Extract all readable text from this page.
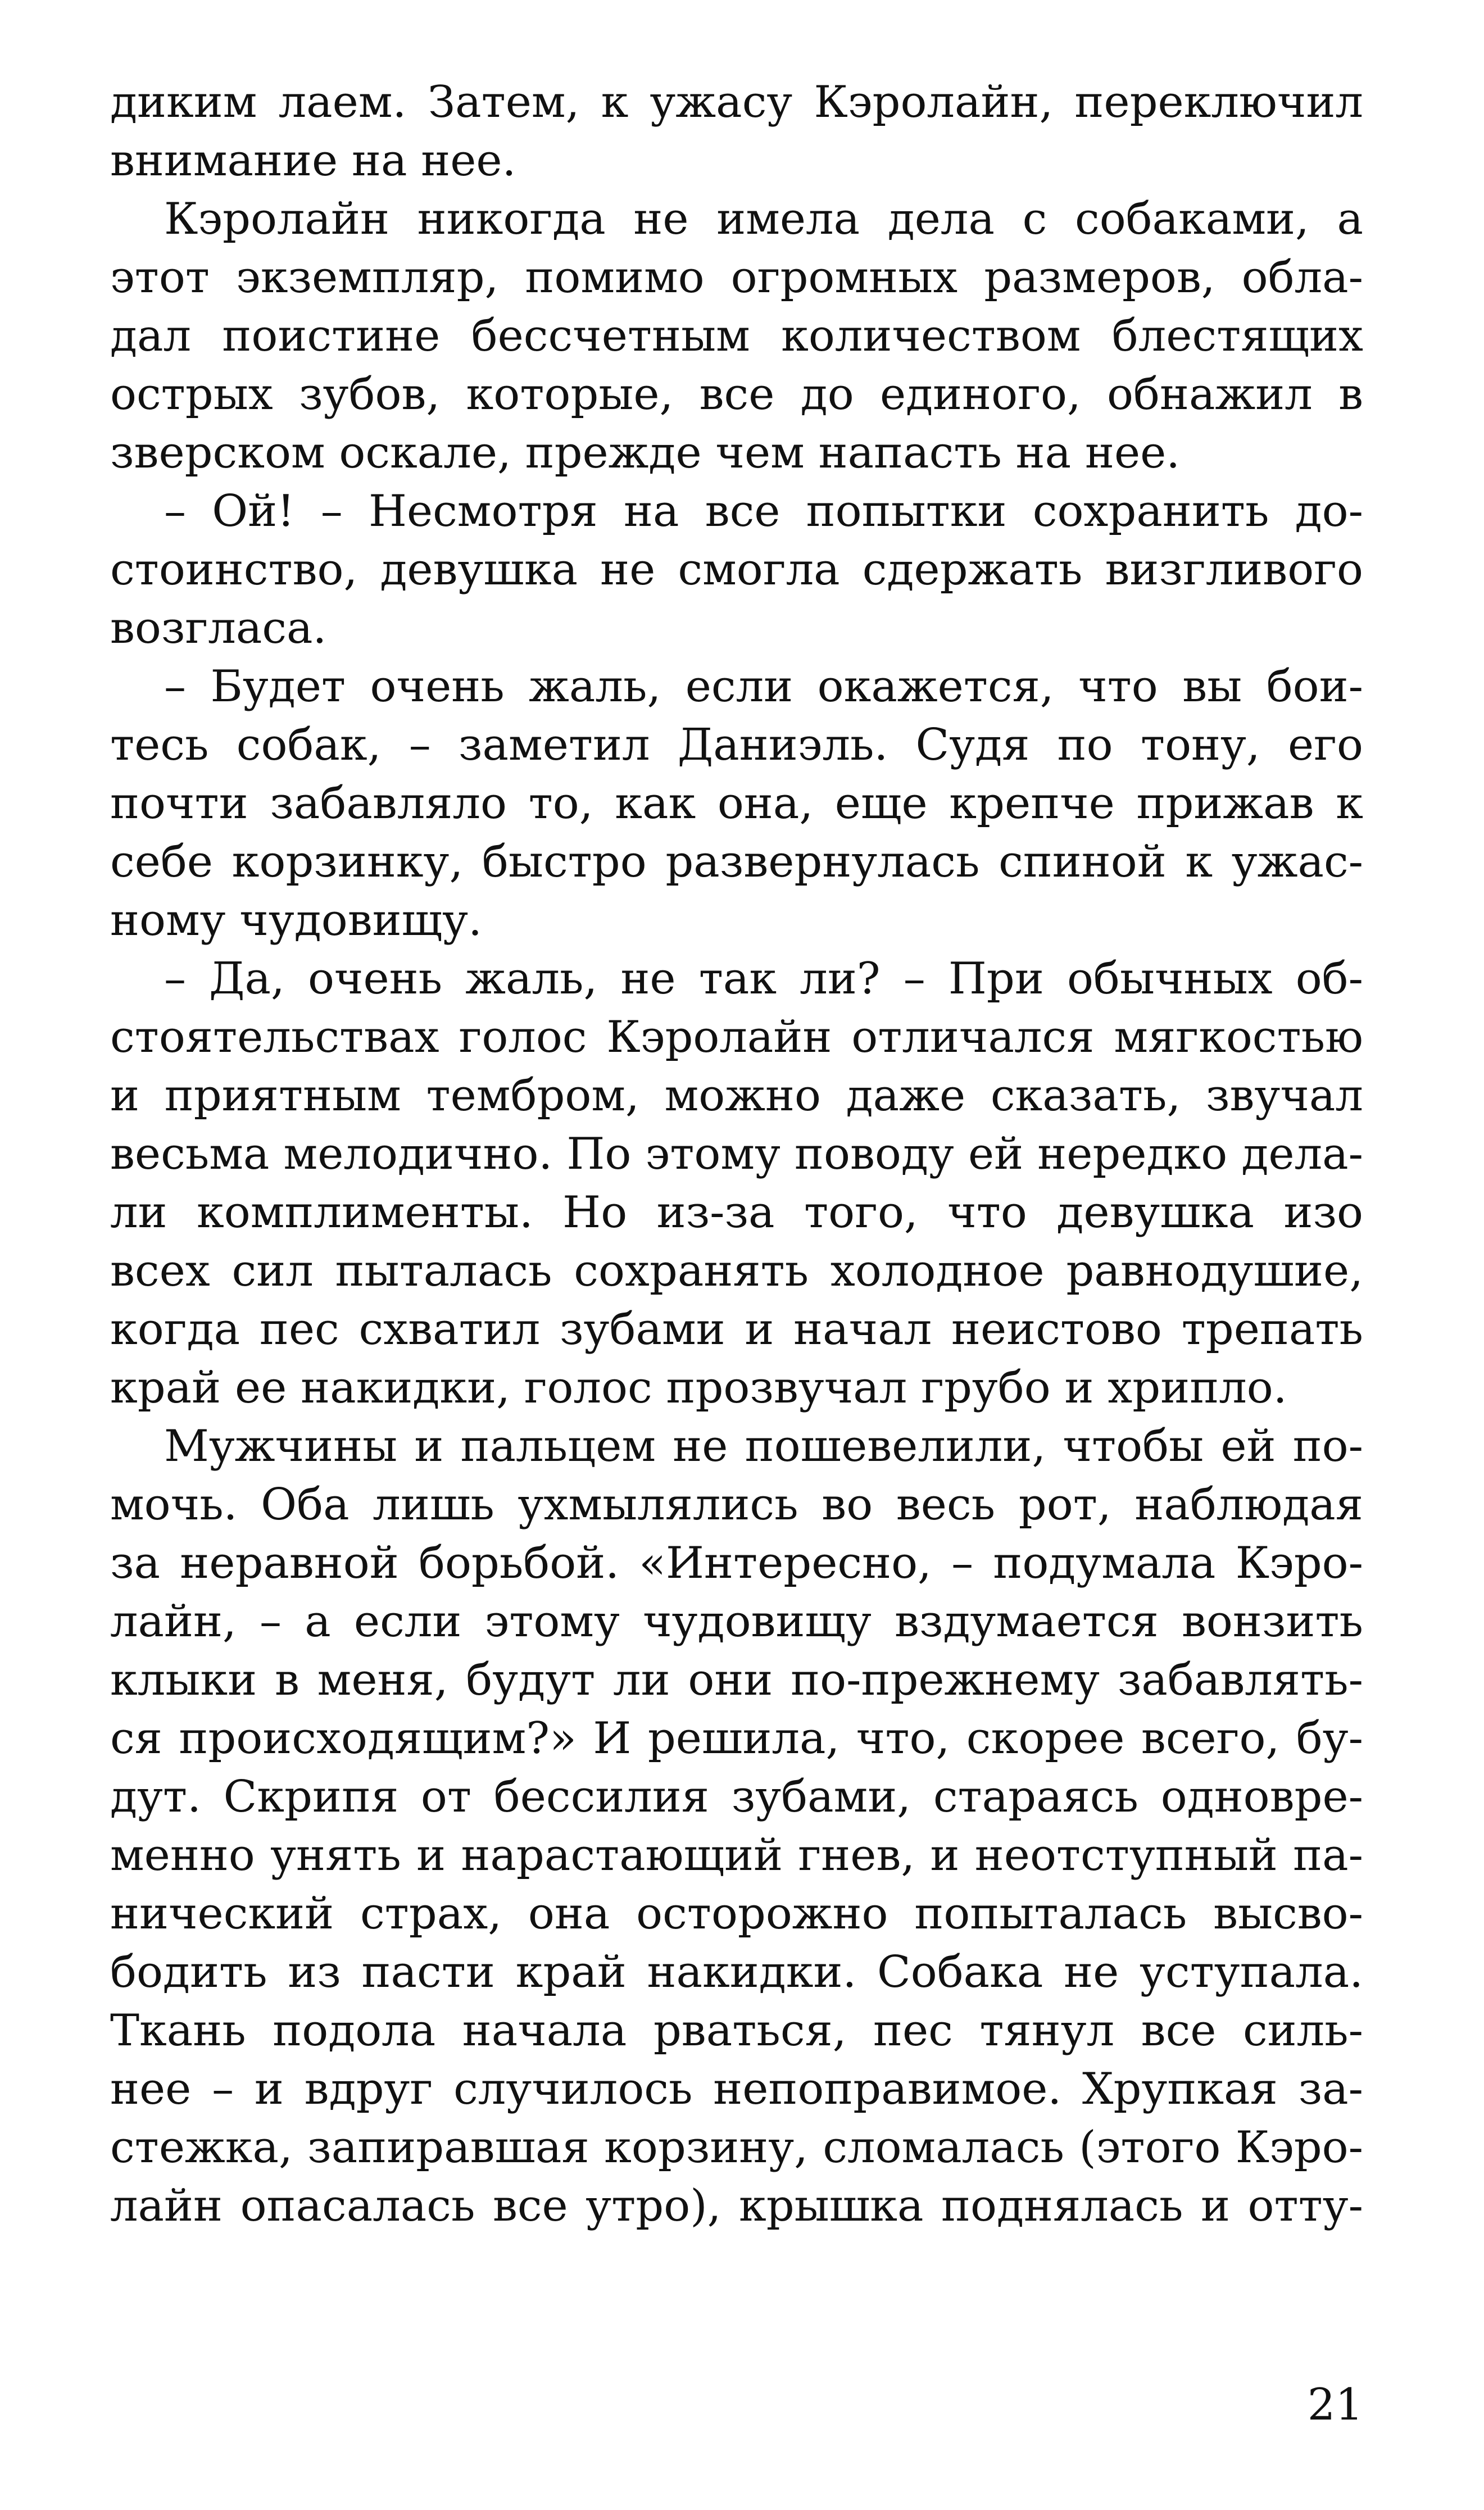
диким лаем. Затем, к ужасу Кэролайн, переключил
внимание на нее.
Кэролайн никогда не имела дела с собаками, а
этот экземпляр, помимо огромных размеров, обла-
дал поистине бессчетным количеством блестящих
острых зубов, которые, все до единого, обнажил в
зверском оскале, прежде чем напасть на нее.
– Ой! – Несмотря на все попытки сохранить до-
стоинство, девушка не смогла сдержать визгливого
возгласа.
– Будет очень жаль, если окажется, что вы бои-
тесь собак, – заметил Даниэль. Судя по тону, его
почти забавляло то, как она, еще крепче прижав к
себе корзинку, быстро развернулась спиной к ужас-
ному чудовищу.
– Да, очень жаль, не так ли? – При обычных об-
стоятельствах голос Кэролайн отличался мягкостью
и приятным тембром, можно даже сказать, звучал
весьма мелодично. По этому поводу ей нередко дела-
ли комплименты. Но из-за того, что девушка изо
всех сил пыталась сохранять холодное равнодушие,
когда пес схватил зубами и начал неистово трепать
край ее накидки, голос прозвучал грубо и хрипло.
Мужчины и пальцем не пошевелили, чтобы ей по-
мочь. Оба лишь ухмылялись во весь рот, наблюдая
за неравной борьбой. «Интересно, – подумала Кэро-
лайн, – а если этому чудовищу вздумается вонзить
клыки в меня, будут ли они по-прежнему забавлять-
ся происходящим?» И решила, что, скорее всего, бу-
дут. Скрипя от бессилия зубами, стараясь одновре-
менно унять и нарастающий гнев, и неотступный па-
нический страх, она осторожно попыталась высво-
бодить из пасти край накидки. Собака не уступала.
Ткань подола начала рваться, пес тянул все силь-
нее – и вдруг случилось непоправимое. Хрупкая за-
стежка, запиравшая корзину, сломалась (этого Кэро-
лайн опасалась все утро), крышка поднялась и отту-
21
